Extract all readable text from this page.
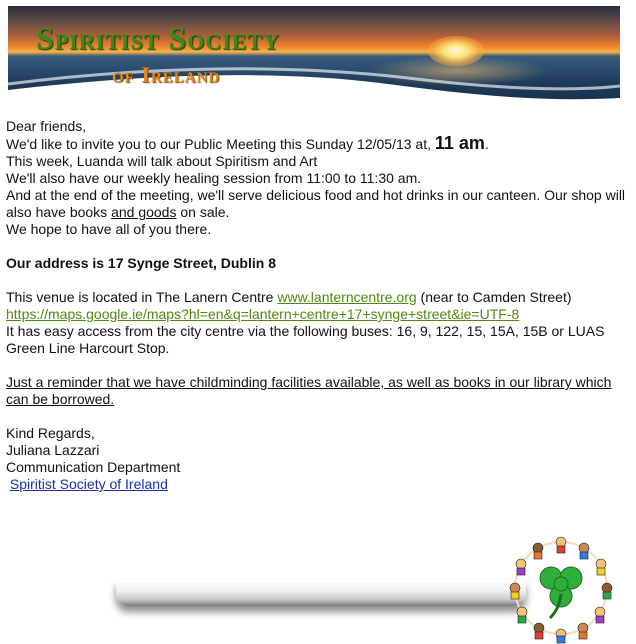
Spiritist Society
of Ireland

Dear friends,

We'd like to invite you to our Public Meeting this Sunday 12/05/13 at, 11 am.

This week, Luanda will talk about Spiritism and Art

We'll also have our weekly healing session from 11:00 to 11:30 am.

And at the end of the meeting, we'll serve delicious food and hot drinks in our canteen. Our shop will also have books and goods on sale.

We hope to have all of you there.

Our address is 17 Synge Street, Dublin 8

This venue is located in The Lanern Centre www.lanterncentre.org (near to Camden Street)

https://maps.google.ie/maps?hl=en&q=lantern+centre+17+synge+street&ie=UTF-8

It has easy access from the city centre via the following buses: 16, 9, 122, 15, 15A, 15B or LUAS Green Line Harcourt Stop.

Just a reminder that we have childminding facilities available, as well as books in our library which can be borrowed.

Kind Regards,

Juliana Lazzari

Communication Department

Spiritist Society of Ireland
